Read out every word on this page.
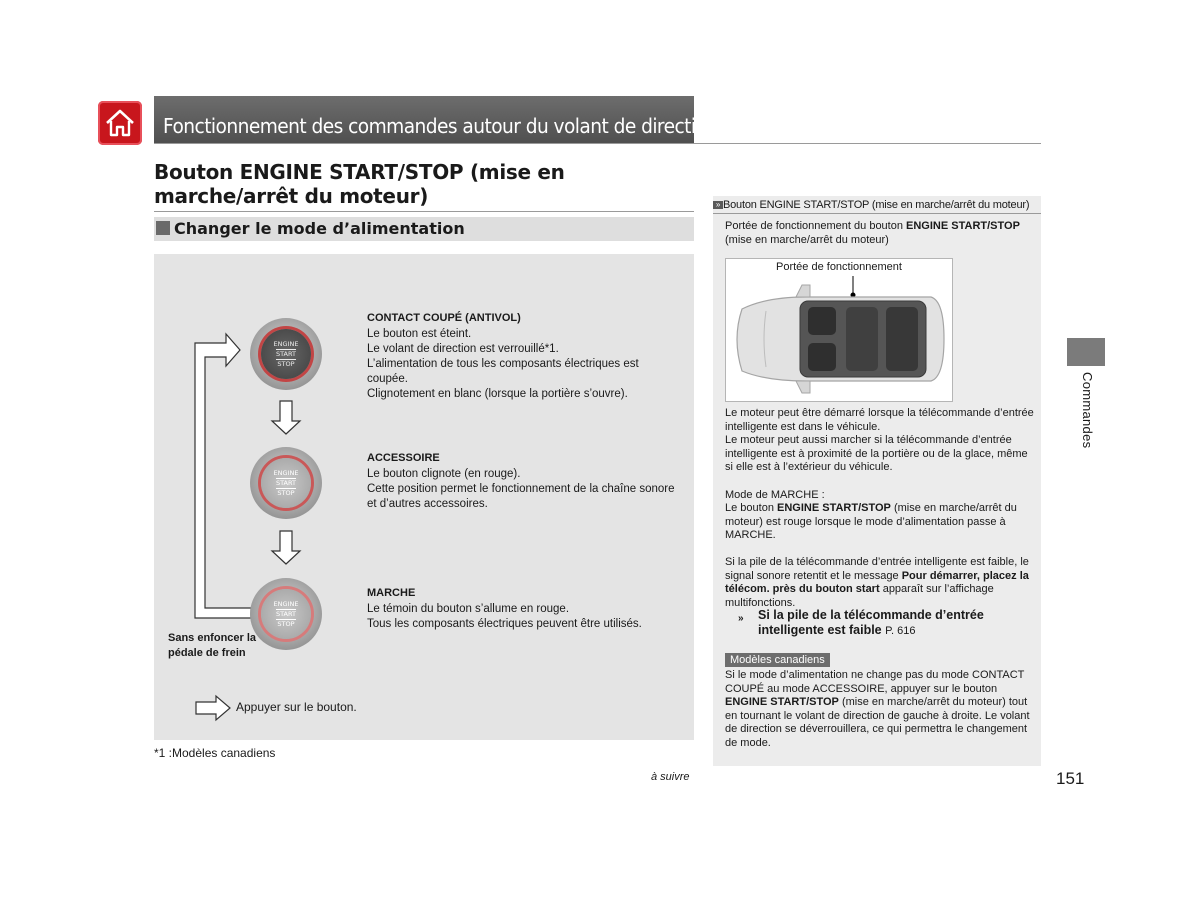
Fonctionnement des commandes autour du volant de direction
Bouton ENGINE START/STOP (mise en marche/arrêt du moteur)
Changer le mode d’alimentation
ENGINE
START
STOP
ENGINE
START
STOP
ENGINE
START
STOP
CONTACT COUPÉ (ANTIVOL)
Le bouton est éteint.
Le volant de direction est verrouillé*1.
L’alimentation de tous les composants électriques est coupée.
Clignotement en blanc (lorsque la portière s’ouvre).
ACCESSOIRE
Le bouton clignote (en rouge).
Cette position permet le fonctionnement de la chaîne sonore et d’autres accessoires.
MARCHE
Le témoin du bouton s’allume en rouge.
Tous les composants électriques peuvent être utilisés.
Sans enfoncer la pédale de frein
Appuyer sur le bouton.
*1 :Modèles canadiens
à suivre	151
» Bouton ENGINE START/STOP (mise en marche/arrêt du moteur)
Portée de fonctionnement du bouton ENGINE START/STOP (mise en marche/arrêt du moteur)
Portée de fonctionnement
Le moteur peut être démarré lorsque la télécommande d’entrée intelligente est dans le véhicule.
Le moteur peut aussi marcher si la télécommande d’entrée intelligente est à proximité de la portière ou de la glace, même si elle est à l’extérieur du véhicule.
Mode de MARCHE :
Le bouton ENGINE START/STOP (mise en marche/arrêt du moteur) est rouge lorsque le mode d’alimentation passe à MARCHE.
Si la pile de la télécommande d’entrée intelligente est faible, le signal sonore retentit et le message Pour démarrer, placez la télécom. près du bouton start apparaît sur l’affichage multifonctions.
»	Si la pile de la télécommande d’entrée intelligente est faible P. 616
Modèles canadiens
Si le mode d’alimentation ne change pas du mode CONTACT COUPÉ au mode ACCESSOIRE, appuyer sur le bouton ENGINE START/STOP (mise en marche/arrêt du moteur) tout en tournant le volant de direction de gauche à droite. Le volant de direction se déverrouillera, ce qui permettra le changement de mode.
Commandes
